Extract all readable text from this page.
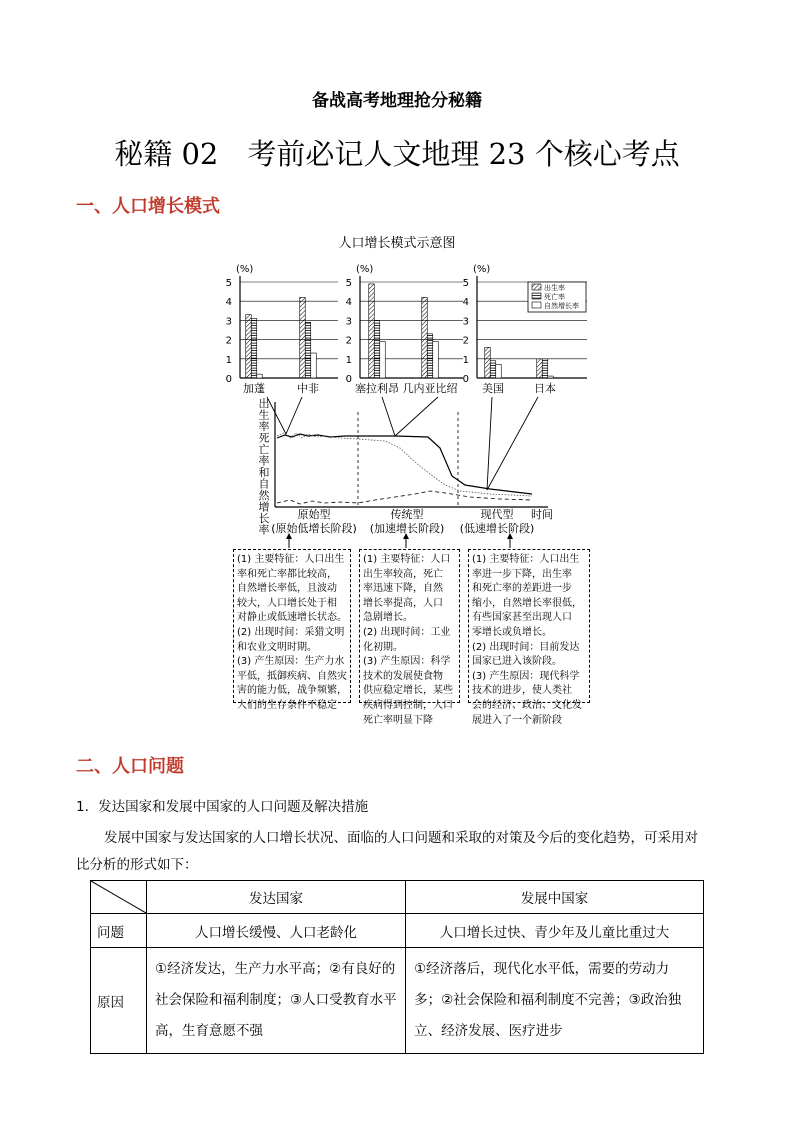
备战高考地理抢分秘籍
秘籍 02　考前必记人文地理 23 个核心考点
一、人口增长模式
人口增长模式示意图
(%)
5
4
3
2
1
0
加蓬	中非
(%)
5
4
3
2
1
0
塞拉利昂 几内亚比绍
(%)
5
4
3
2
1
0
美国	日本
出生率
死亡率
自然增长率
出
生
率
死
亡
率
和
自
然
增
长
率
原始型
(原始低增长阶段)
传统型
(加速增长阶段)
现代型
(低速增长阶段)
时间
(1) 主要特征：人口出生
率和死亡率都比较高，
自然增长率低，且波动
较大，人口增长处于相
对静止或低速增长状态。
(2) 出现时间：采猎文明
和农业文明时期。
(3) 产生原因：生产力水
平低，抵御疾病、自然灾
害的能力低，战争频繁，
人们的生存条件不稳定
(1) 主要特征：人口
出生率较高，死亡
率迅速下降，自然
增长率提高，人口
急剧增长。
(2) 出现时间：工业
化初期。
(3) 产生原因：科学
技术的发展使食物
供应稳定增长，某些
疾病得到控制，人口
死亡率明显下降
(1) 主要特征：人口出生
率进一步下降，出生率
和死亡率的差距进一步
缩小，自然增长率很低，
有些国家甚至出现人口
零增长或负增长。
(2) 出现时间：目前发达
国家已进入该阶段。
(3) 产生原因：现代科学
技术的进步，使人类社
会的经济、政治、文化发
展进入了一个新阶段
二、人口问题
1．发达国家和发展中国家的人口问题及解决措施
发展中国家与发达国家的人口增长状况、面临的人口问题和采取的对策及今后的变化趋势，可采用对
比分析的形式如下：
	发达国家	发展中国家
问题	人口增长缓慢、人口老龄化	人口增长过快、青少年及儿童比重过大
原因	①经济发达，生产力水平高；②有良好的社会保险和福利制度；③人口受教育水平高，生育意愿不强	①经济落后，现代化水平低，需要的劳动力多；②社会保险和福利制度不完善；③政治独立、经济发展、医疗进步
